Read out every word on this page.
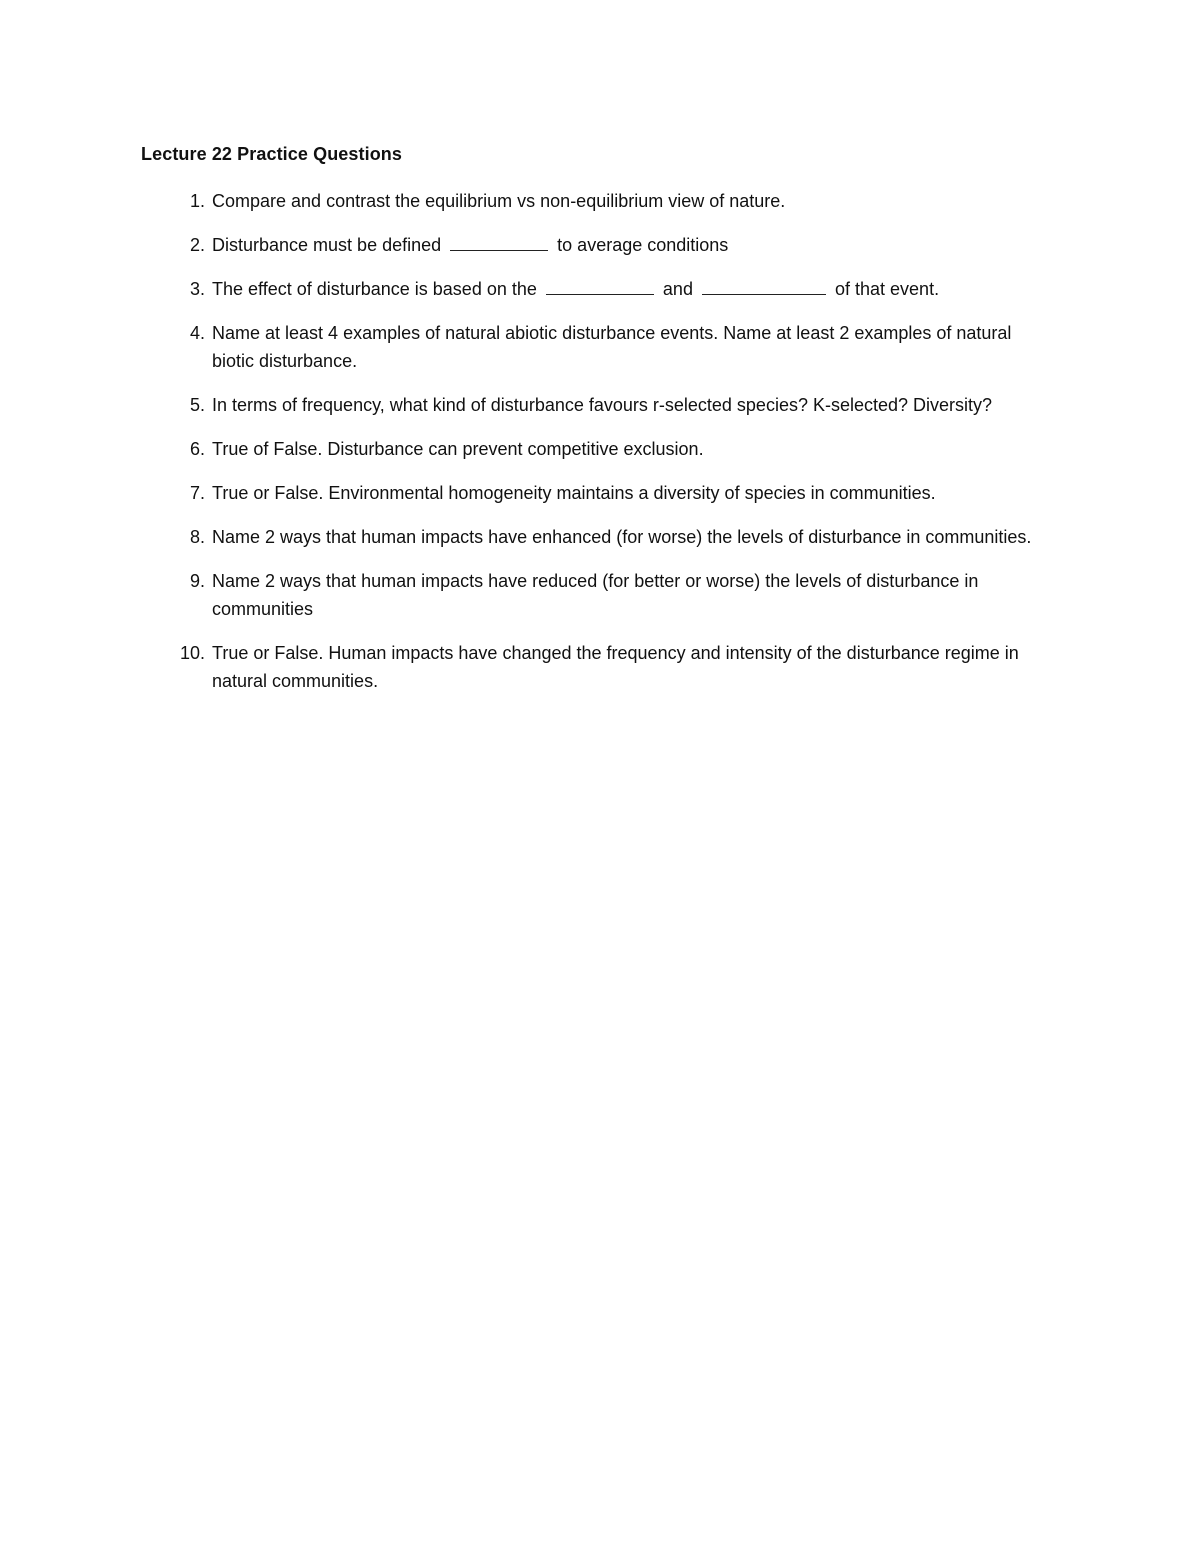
Lecture 22 Practice Questions
1. Compare and contrast the equilibrium vs non-equilibrium view of nature.
2. Disturbance must be defined	to average conditions
3. The effect of disturbance is based on the	and	of that event.
4. Name at least 4 examples of natural abiotic disturbance events. Name at least 2 examples of natural biotic disturbance.
5. In terms of frequency, what kind of disturbance favours r-selected species? K-selected? Diversity?
6. True of False. Disturbance can prevent competitive exclusion.
7. True or False. Environmental homogeneity maintains a diversity of species in communities.
8. Name 2 ways that human impacts have enhanced (for worse) the levels of disturbance in communities.
9. Name 2 ways that human impacts have reduced (for better or worse) the levels of disturbance in communities
10. True or False. Human impacts have changed the frequency and intensity of the disturbance regime in natural communities.
